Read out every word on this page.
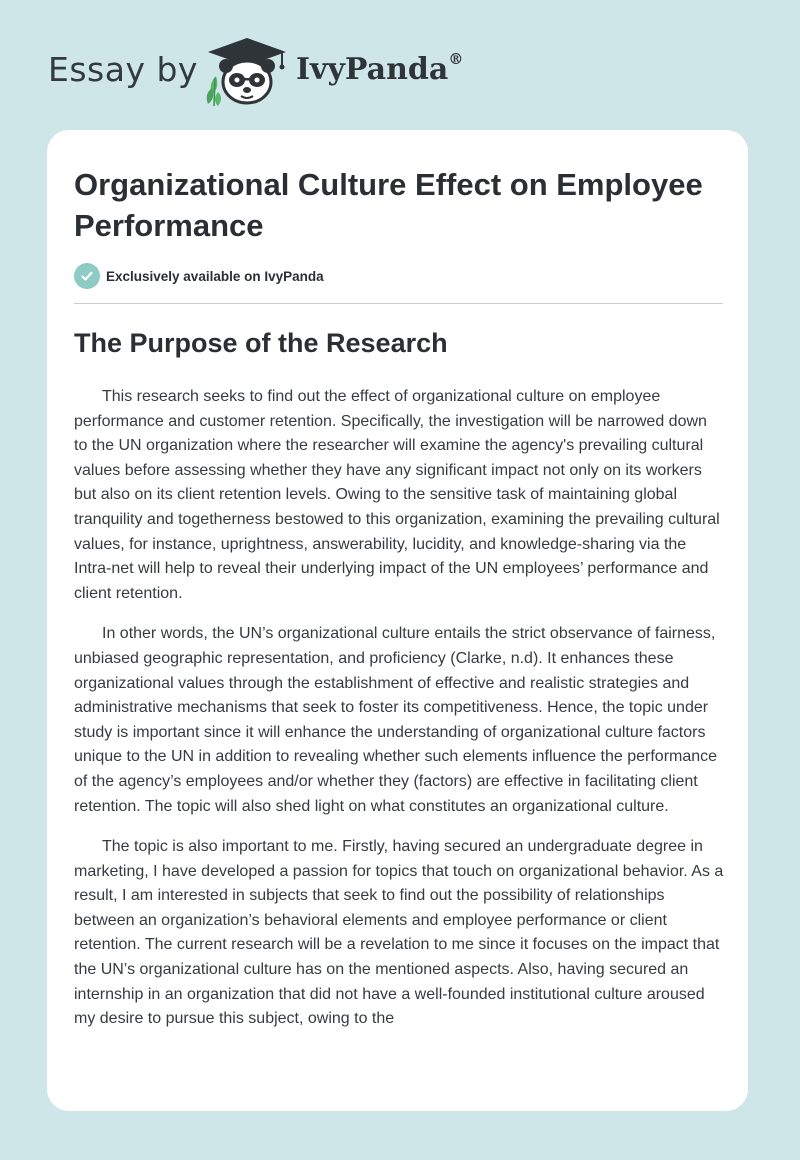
Essay by	IvyPanda®
Organizational Culture Effect on Employee Performance
Exclusively available on IvyPanda
The Purpose of the Research

This research seeks to find out the effect of organizational culture on employee performance and customer retention. Specifically, the investigation will be narrowed down to the UN organization where the researcher will examine the agency's prevailing cultural values before assessing whether they have any significant impact not only on its workers but also on its client retention levels. Owing to the sensitive task of maintaining global tranquility and togetherness bestowed to this organization, examining the prevailing cultural values, for instance, uprightness, answerability, lucidity, and knowledge-sharing via the Intra-net will help to reveal their underlying impact of the UN employees’ performance and client retention.

In other words, the UN’s organizational culture entails the strict observance of fairness, unbiased geographic representation, and proficiency (Clarke, n.d). It enhances these organizational values through the establishment of effective and realistic strategies and administrative mechanisms that seek to foster its competitiveness. Hence, the topic under study is important since it will enhance the understanding of organizational culture factors unique to the UN in addition to revealing whether such elements influence the performance of the agency’s employees and/or whether they (factors) are effective in facilitating client retention. The topic will also shed light on what constitutes an organizational culture.

The topic is also important to me. Firstly, having secured an undergraduate degree in marketing, I have developed a passion for topics that touch on organizational behavior. As a result, I am interested in subjects that seek to find out the possibility of relationships between an organization’s behavioral elements and employee performance or client retention. The current research will be a revelation to me since it focuses on the impact that the UN’s organizational culture has on the mentioned aspects. Also, having secured an internship in an organization that did not have a well-founded institutional culture aroused my desire to pursue this subject, owing to the
